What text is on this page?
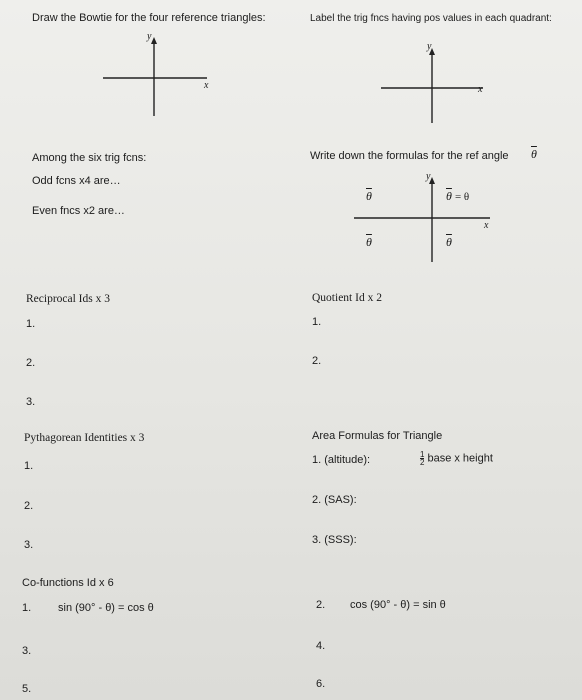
Draw the Bowtie for the four reference triangles:	Label the trig fncs having pos values in each quadrant:
y
x
y
x
Among the six trig fcns:
Odd fcns x4 are…
Even fncs x2 are…
Write down the formulas for the ref angle $\overline{\theta}$
y
x
$\overline{\theta}$	$\overline{\theta} = \theta$
$\overline{\theta}$	$\overline{\theta}$
Reciprocal Ids x 3
1.
2.
3.
Quotient Id x 2
1.
2.
Pythagorean Identities x 3
1.
2.
3.
Area Formulas for Triangle
1. (altitude):	$\frac{1}{2}$ base x height
2. (SAS):
3. (SSS):
Co-functions Id x 6
1. sin (90° - θ) = cos θ	2. cos (90° - θ) = sin θ
3.	4.
5.	6.
